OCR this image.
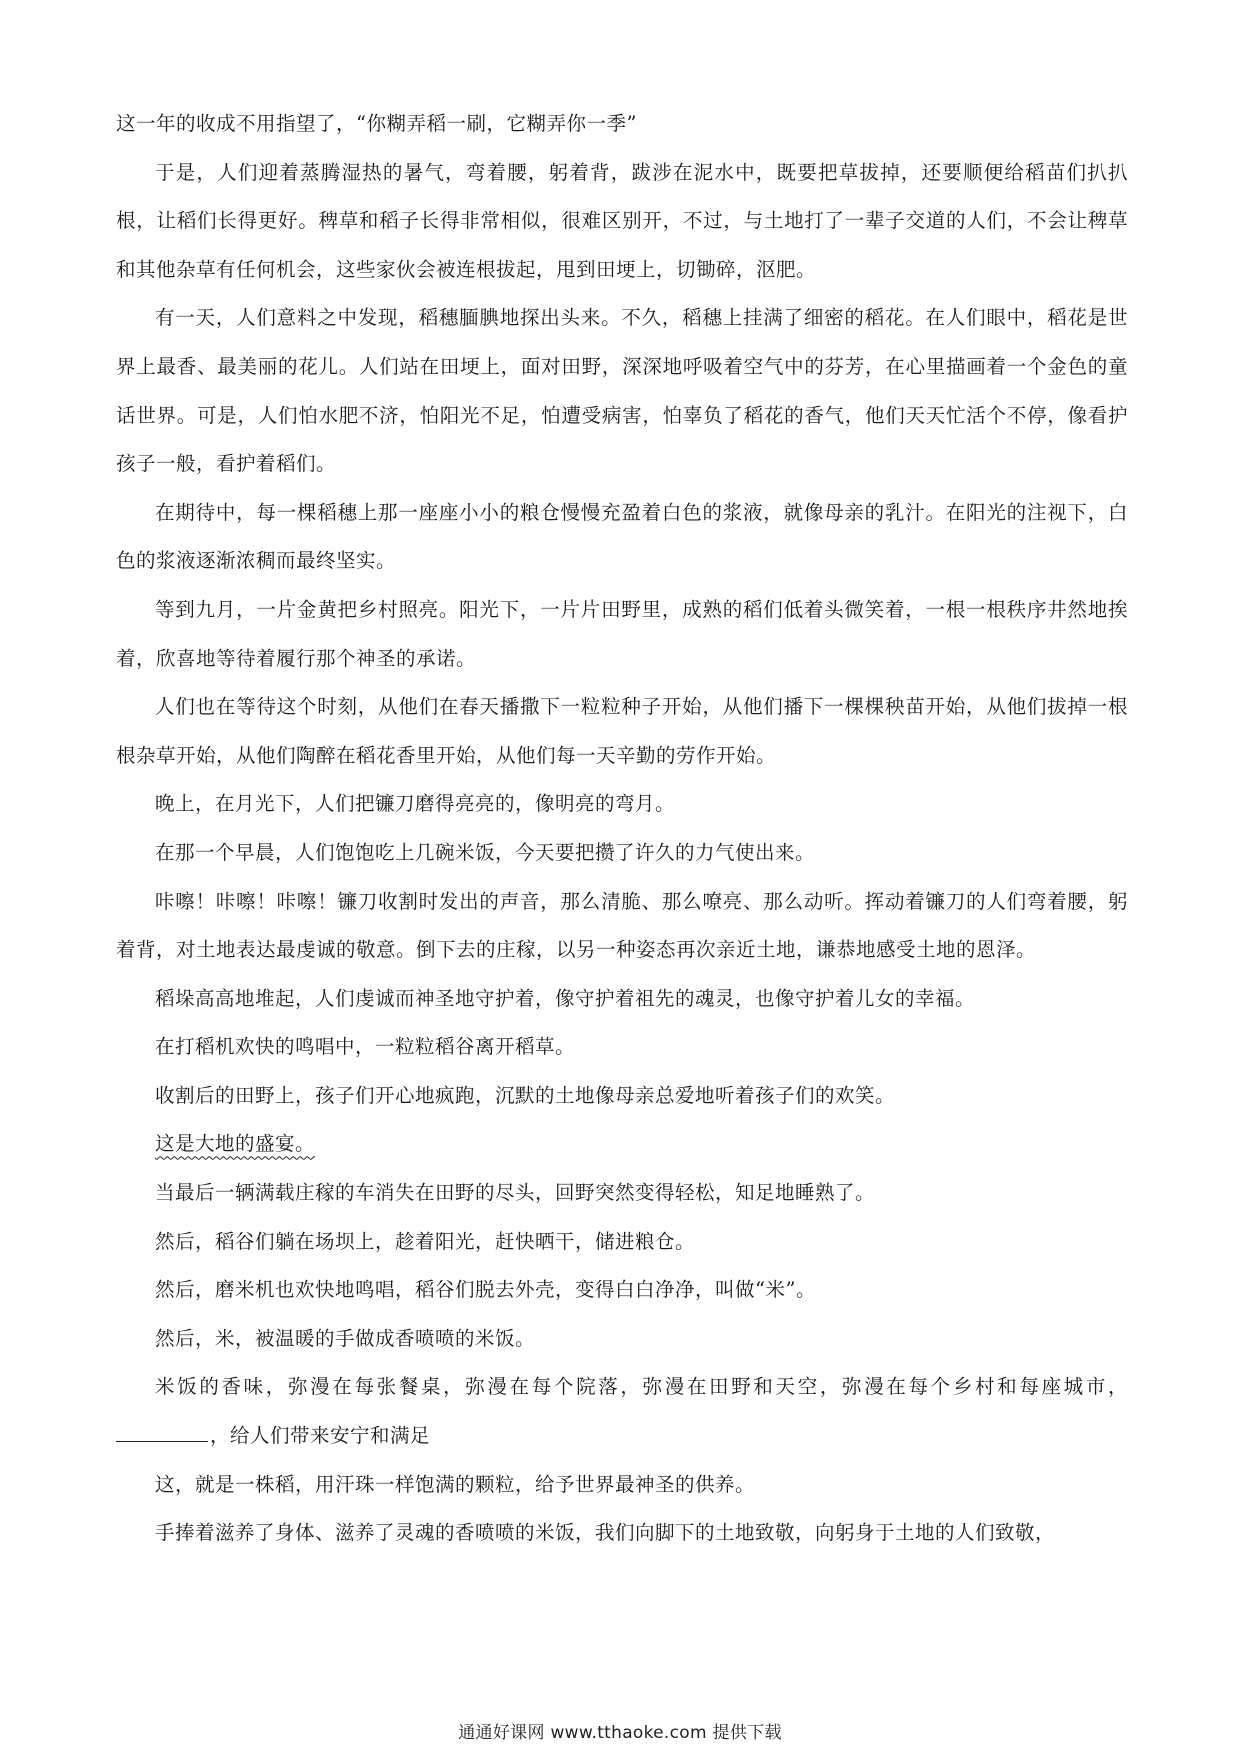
这一年的收成不用指望了，“你糊弄稻一刷，它糊弄你一季”

于是，人们迎着蒸腾湿热的暑气，弯着腰，躬着背，跋涉在泥水中，既要把草拔掉，还要顺便给稻苗们扒扒根，让稻们长得更好。稗草和稻子长得非常相似，很难区别开，不过，与土地打了一辈子交道的人们，不会让稗草和其他杂草有任何机会，这些家伙会被连根拔起，甩到田埂上，切锄碎，沤肥。

有一天，人们意料之中发现，稻穗腼腆地探出头来。不久，稻穗上挂满了细密的稻花。在人们眼中，稻花是世界上最香、最美丽的花儿。人们站在田埂上，面对田野，深深地呼吸着空气中的芬芳，在心里描画着一个金色的童话世界。可是，人们怕水肥不济，怕阳光不足，怕遭受病害，怕辜负了稻花的香气，他们天天忙活个不停，像看护孩子一般，看护着稻们。

在期待中，每一棵稻穗上那一座座小小的粮仓慢慢充盈着白色的浆液，就像母亲的乳汁。在阳光的注视下，白色的浆液逐渐浓稠而最终坚实。

等到九月，一片金黄把乡村照亮。阳光下，一片片田野里，成熟的稻们低着头微笑着，一根一根秩序井然地挨着，欣喜地等待着履行那个神圣的承诺。

人们也在等待这个时刻，从他们在春天播撒下一粒粒种子开始，从他们播下一棵棵秧苗开始，从他们拔掉一根根杂草开始，从他们陶醉在稻花香里开始，从他们每一天辛勤的劳作开始。

晚上，在月光下，人们把镰刀磨得亮亮的，像明亮的弯月。

在那一个早晨，人们饱饱吃上几碗米饭，今天要把攒了许久的力气使出来。

咔嚓！咔嚓！咔嚓！镰刀收割时发出的声音，那么清脆、那么嘹亮、那么动听。挥动着镰刀的人们弯着腰，躬着背，对土地表达最虔诚的敬意。倒下去的庄稼，以另一种姿态再次亲近土地，谦恭地感受土地的恩泽。

稻垛高高地堆起，人们虔诚而神圣地守护着，像守护着祖先的魂灵，也像守护着儿女的幸福。

在打稻机欢快的鸣唱中，一粒粒稻谷离开稻草。

收割后的田野上，孩子们开心地疯跑，沉默的土地像母亲总爱地听着孩子们的欢笑。

这是大地的盛宴。

当最后一辆满载庄稼的车消失在田野的尽头，回野突然变得轻松，知足地睡熟了。

然后，稻谷们躺在场坝上，趁着阳光，赶快晒干，储进粮仓。

然后，磨米机也欢快地鸣唱，稻谷们脱去外壳，变得白白净净，叫做“米”。

然后，米，被温暖的手做成香喷喷的米饭。

米饭的香味，弥漫在每张餐桌，弥漫在每个院落，弥漫在田野和天空，弥漫在每个乡村和每座城市，，给人们带来安宁和满足

这，就是一株稻，用汗珠一样饱满的颗粒，给予世界最神圣的供养。

手捧着滋养了身体、滋养了灵魂的香喷喷的米饭，我们向脚下的土地致敬，向躬身于土地的人们致敬，

通通好课网 www.tthaoke.com 提供下载
